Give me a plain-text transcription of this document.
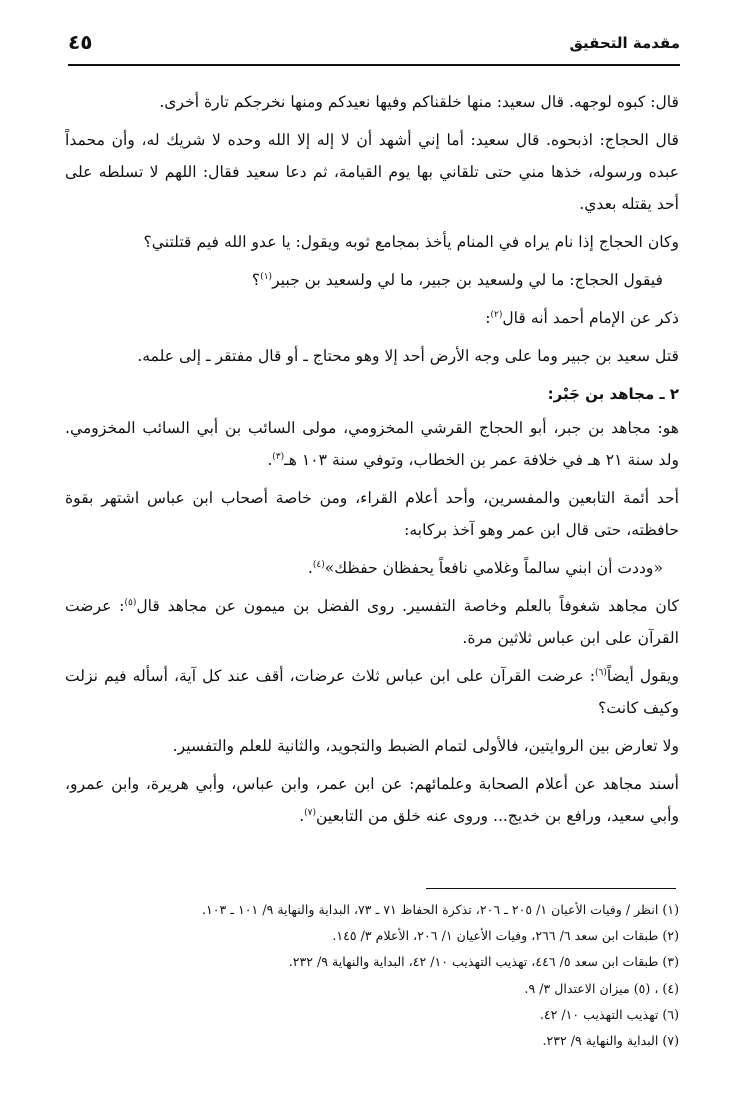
مقدمة التحقيق
٤٥

قال: كبوه لوجهه. قال سعيد: منها خلقناكم وفيها نعيدكم ومنها نخرجكم تارة أخرى.

قال الحجاج: اذبحوه. قال سعيد: أما إني أشهد أن لا إله إلا الله وحده لا شريك له، وأن محمداً عبده ورسوله، خذها مني حتى تلقاني بها يوم القيامة، ثم دعا سعيد فقال: اللهم لا تسلطه على أحد يقتله بعدي.

وكان الحجاج إذا نام يراه في المنام يأخذ بمجامع ثوبه ويقول: يا عدو الله فيم قتلتني؟

فيقول الحجاج: ما لي ولسعيد بن جبير، ما لي ولسعيد بن جبير$^{(١)}$؟

ذكر عن الإمام أحمد أنه قال$^{(٢)}$:

قتل سعيد بن جبير وما على وجه الأرض أحد إلا وهو محتاج ـ أو قال مفتقر ـ إلى علمه.

٢ ـ مجاهد بن جَبْر:

هو: مجاهد بن جبر، أبو الحجاج القرشي المخزومي، مولى السائب بن أبي السائب المخزومي. ولد سنة ٢١ هـ في خلافة عمر بن الخطاب، وتوفي سنة ١٠٣ هـ$^{(٣)}$.

أحد أئمة التابعين والمفسرين، وأحد أعلام القراء، ومن خاصة أصحاب ابن عباس اشتهر بقوة حافظته، حتى قال ابن عمر وهو آخذ بركابه:

«وددت أن ابني سالماً وغلامي نافعاً يحفظان حفظك»$^{(٤)}$.

كان مجاهد شغوفاً بالعلم وخاصة التفسير. روى الفضل بن ميمون عن مجاهد قال$^{(٥)}$: عرضت القرآن على ابن عباس ثلاثين مرة.

ويقول أيضاً$^{(٦)}$: عرضت القرآن على ابن عباس ثلاث عرضات، أقف عند كل آية، أسأله فيم نزلت وكيف كانت؟

ولا تعارض بين الروايتين، فالأولى لتمام الضبط والتجويد، والثانية للعلم والتفسير.

أسند مجاهد عن أعلام الصحابة وعلمائهم: عن ابن عمر، وابن عباس، وأبي هريرة، وابن عمرو، وأبي سعيد، ورافع بن خديج... وروى عنه خلق من التابعين$^{(٧)}$.

(١) انظر / وفيات الأعيان ١/ ٢٠٥ ـ ٢٠٦، تذكرة الحفاظ ٧١ ـ ٧٣، البداية والنهاية ٩/ ١٠١ ـ ١٠٣.

(٢) طبقات ابن سعد ٦/ ٢٦٦، وفيات الأعيان ١/ ٢٠٦، الأعلام ٣/ ١٤٥.

(٣) طبقات ابن سعد ٥/ ٤٤٦، تهذيب التهذيب ١٠/ ٤٢، البداية والنهاية ٩/ ٢٣٢.

(٤) ، (٥) ميزان الاعتدال ٣/ ٩.

(٦) تهذيب التهذيب ١٠/ ٤٢.

(٧) البداية والنهاية ٩/ ٢٣٢.
